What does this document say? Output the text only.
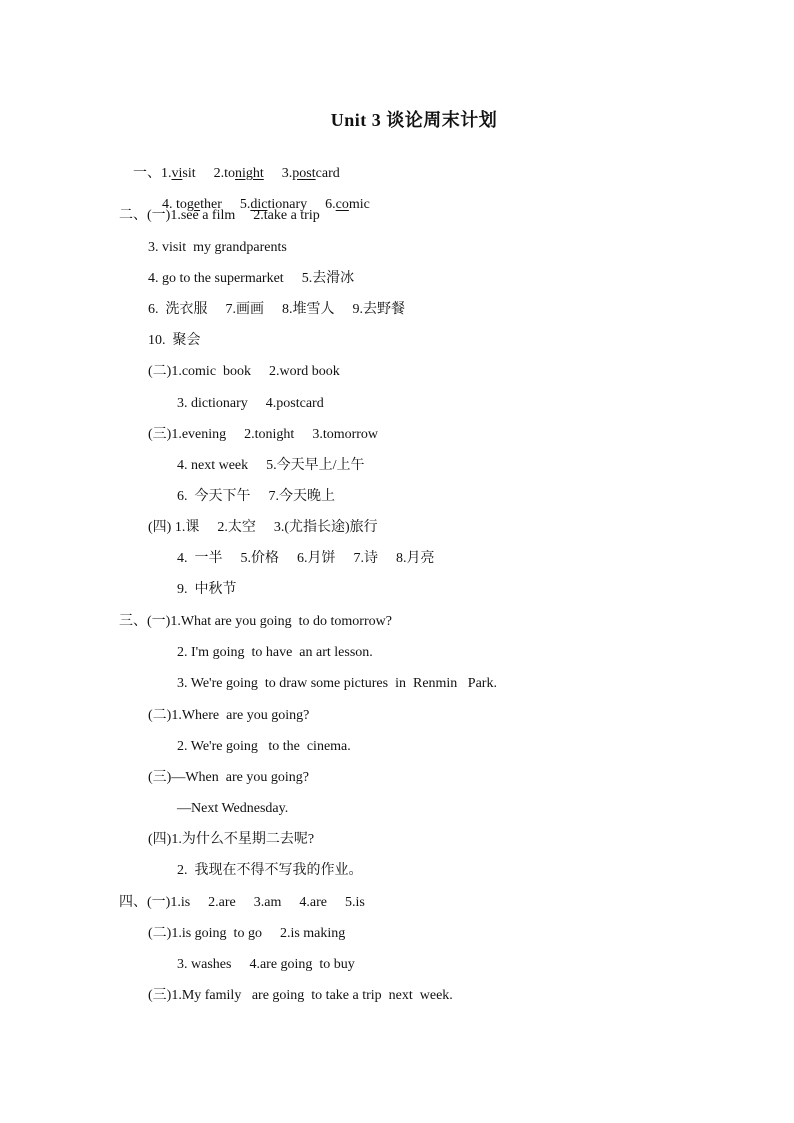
Unit 3 谈论周末计划

一、1.visit 2.tonight 3.postcard

4. together 5.dictionary 6.comic

二、(一)1.see a film 2.take a trip
3. visit  my grandparents
4. go to the supermarket 5.去滑冰
6.  洗衣服 7.画画 8.堆雪人 9.去野餐
10.  聚会
(二)1.comic  book 2.word book
3. dictionary 4.postcard
(三)1.evening 2.tonight 3.tomorrow
4. next week 5.今天早上/上午
6.  今天下午 7.今天晚上
(四) 1.课 2.太空 3.(尤指长途)旅行
4.  一半 5.价格 6.月饼 7.诗 8.月亮
9.  中秋节
三、(一)1.What are you going  to do tomorrow?
2. I'm going  to have  an art lesson.
3. We're going  to draw some pictures  in  Renmin   Park.
(二)1.Where  are you going?
2. We're going   to the  cinema.
(三)—When  are you going?
—Next Wednesday.
(四)1.为什么不星期二去呢?
2.  我现在不得不写我的作业。
四、(一)1.is 2.are 3.am 4.are 5.is
(二)1.is going  to go 2.is making
3. washes 4.are going  to buy
(三)1.My family   are going  to take a trip  next  week.
